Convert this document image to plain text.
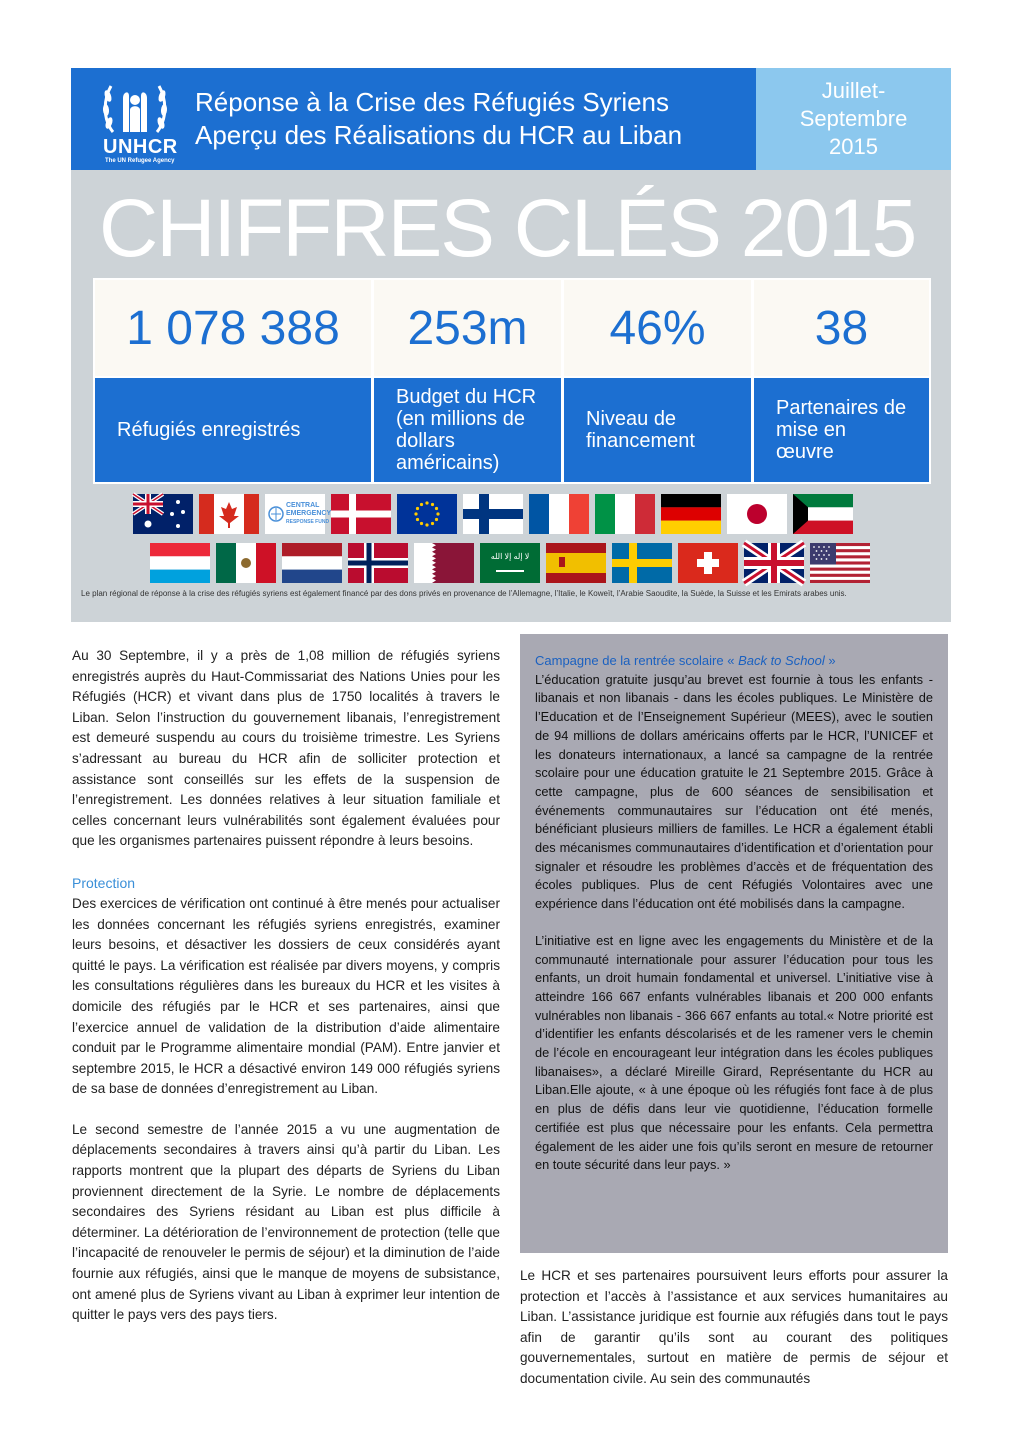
UNHCR
The UN Refugee Agency
Réponse à la Crise des Réfugiés Syriens
Aperçu des Réalisations du HCR au Liban
Juillet-
Septembre
2015
CHIFFRES CLÉS 2015
1 078 388
Réfugiés enregistrés
253m
Budget du HCR (en millions de dollars américains)
46%
Niveau de financement
38
Partenaires de mise en œuvre
CENTRAL
EMERGENCY
RESPONSE FUND
لا إله إلا الله
Le plan régional de réponse à la crise des réfugiés syriens est également financé par des dons privés en provenance de l’Allemagne, l’Italie, le Koweït, l’Arabie Saoudite, la Suède, la Suisse et les Emirats arabes unis.

Au 30 Septembre, il y a près de 1,08 million de réfugiés syriens enregistrés auprès du Haut-Commissariat des Nations Unies pour les Réfugiés (HCR) et vivant dans plus de 1750 localités à travers le Liban. Selon l’instruction du gouvernement libanais, l’enregistrement est demeuré suspendu au cours du troisième trimestre. Les Syriens s’adressant au bureau du HCR afin de solliciter protection et assistance sont conseillés sur les effets de la suspension de l’enregistrement. Les données relatives à leur situation familiale et celles concernant leurs vulnérabilités sont également évaluées pour que les organismes partenaires puissent répondre à leurs besoins.

Protection

Des exercices de vérification ont continué à être menés pour actualiser les données concernant les réfugiés syriens enregistrés, examiner leurs besoins, et désactiver les dossiers de ceux considérés ayant quitté le pays. La vérification est réalisée par divers moyens, y compris les consultations régulières dans les bureaux du HCR et les visites à domicile des réfugiés par le HCR et ses partenaires, ainsi que l’exercice annuel de validation de la distribution d’aide alimentaire conduit par le Programme alimentaire mondial (PAM). Entre janvier et septembre 2015, le HCR a désactivé environ 149 000 réfugiés syriens de sa base de données d’enregistrement au Liban.

Le second semestre de l’année 2015 a vu une augmentation de déplacements secondaires à travers ainsi qu’à partir du Liban. Les rapports montrent que la plupart des départs de Syriens du Liban proviennent directement de la Syrie. Le nombre de déplacements secondaires des Syriens résidant au Liban est plus difficile à déterminer. La détérioration de l’environnement de protection (telle que l’incapacité de renouveler le permis de séjour) et la diminution de l’aide fournie aux réfugiés, ainsi que le manque de moyens de subsistance, ont amené plus de Syriens vivant au Liban à exprimer leur intention de quitter le pays vers des pays tiers.

Campagne de la rentrée scolaire « Back to School »

L’éducation gratuite jusqu’au brevet est fournie à tous les enfants - libanais et non libanais - dans les écoles publiques. Le Ministère de l’Education et de l’Enseignement Supérieur (MEES), avec le soutien de 94 millions de dollars américains offerts par le HCR, l’UNICEF et les donateurs internationaux, a lancé sa campagne de la rentrée scolaire pour une éducation gratuite le 21 Septembre 2015. Grâce à cette campagne, plus de 600 séances de sensibilisation et événements communautaires sur l’éducation ont été menés, bénéficiant plusieurs milliers de familles. Le HCR a également établi des mécanismes communautaires d’identification et d’orientation pour signaler et résoudre les problèmes d’accès et de fréquentation des écoles publiques. Plus de cent Réfugiés Volontaires avec une expérience dans l’éducation ont été mobilisés dans la campagne.

L’initiative est en ligne avec les engagements du Ministère et de la communauté internationale pour assurer l’éducation pour tous les enfants, un droit humain fondamental et universel. L’initiative vise à atteindre 166 667 enfants vulnérables libanais et 200 000 enfants vulnérables non libanais - 366 667 enfants au total.« Notre priorité est d’identifier les enfants déscolarisés et de les ramener vers le chemin de l’école en encourageant leur intégration dans les écoles publiques libanaises», a déclaré Mireille Girard, Représentante du HCR au Liban.Elle ajoute, « à une époque où les réfugiés font face à de plus en plus de défis dans leur vie quotidienne, l’éducation formelle certifiée est plus que nécessaire pour les enfants. Cela permettra également de les aider une fois qu’ils seront en mesure de retourner en toute sécurité dans leur pays. »

Le HCR et ses partenaires poursuivent leurs efforts pour assurer la protection et l’accès à l’assistance et aux services humanitaires au Liban. L’assistance juridique est fournie aux réfugiés dans tout le pays afin de garantir qu’ils sont au courant des politiques gouvernementales, surtout en matière de permis de séjour et documentation civile. Au sein des communautés
